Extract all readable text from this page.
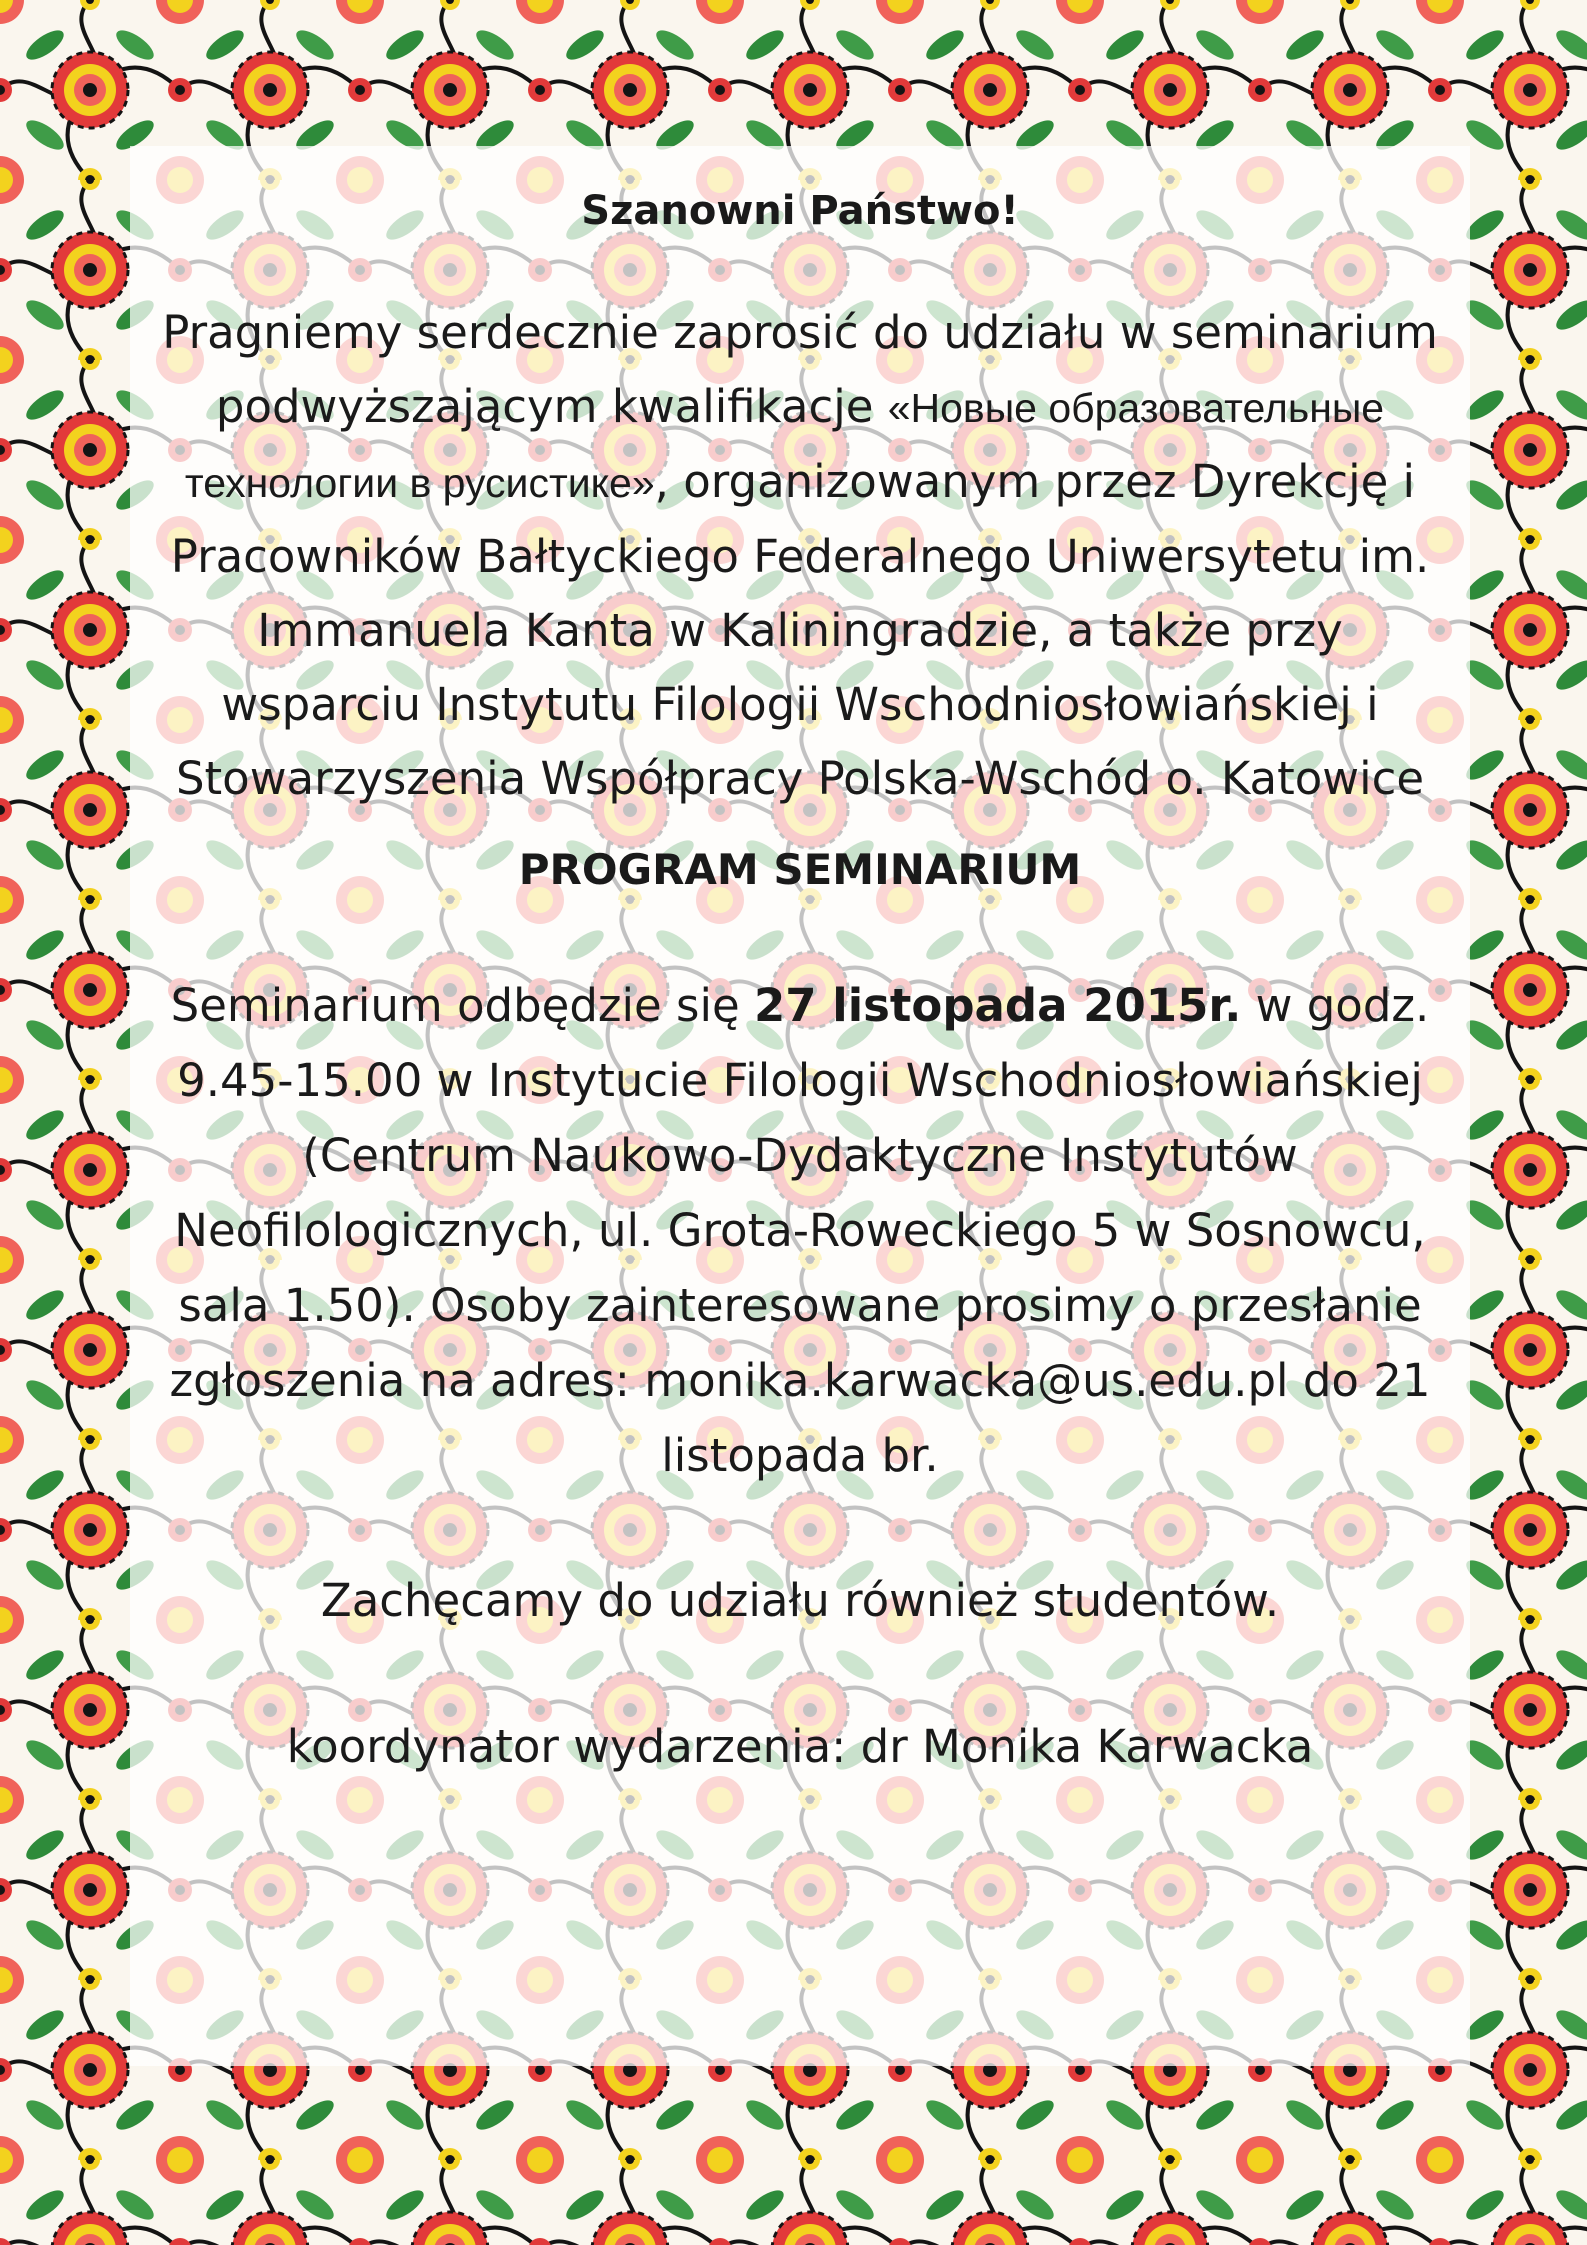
Szanowni Państwo!

Pragniemy serdecznie zaprosić do udziału w seminarium podwyższającym kwalifikacje «Новые образовательные технологии в русистике», organizowanym przez Dyrekcję i Pracowników Bałtyckiego Federalnego Uniwersytetu im. Immanuela Kanta w Kaliningradzie, a także przy wsparciu Instytutu Filologii Wschodniosłowiańskiej i Stowarzyszenia Współpracy Polska-Wschód o. Katowice

PROGRAM SEMINARIUM

Seminarium odbędzie się 27 listopada 2015r. w godz. 9.45-15.00 w Instytucie Filologii Wschodniosłowiańskiej (Centrum Naukowo-Dydaktyczne Instytutów Neofilologicznych, ul. Grota-Roweckiego 5 w Sosnowcu, sala 1.50). Osoby zainteresowane prosimy o przesłanie zgłoszenia na adres: monika.karwacka@us.edu.pl do 21 listopada br.

Zachęcamy do udziału również studentów.

koordynator wydarzenia: dr Monika Karwacka
